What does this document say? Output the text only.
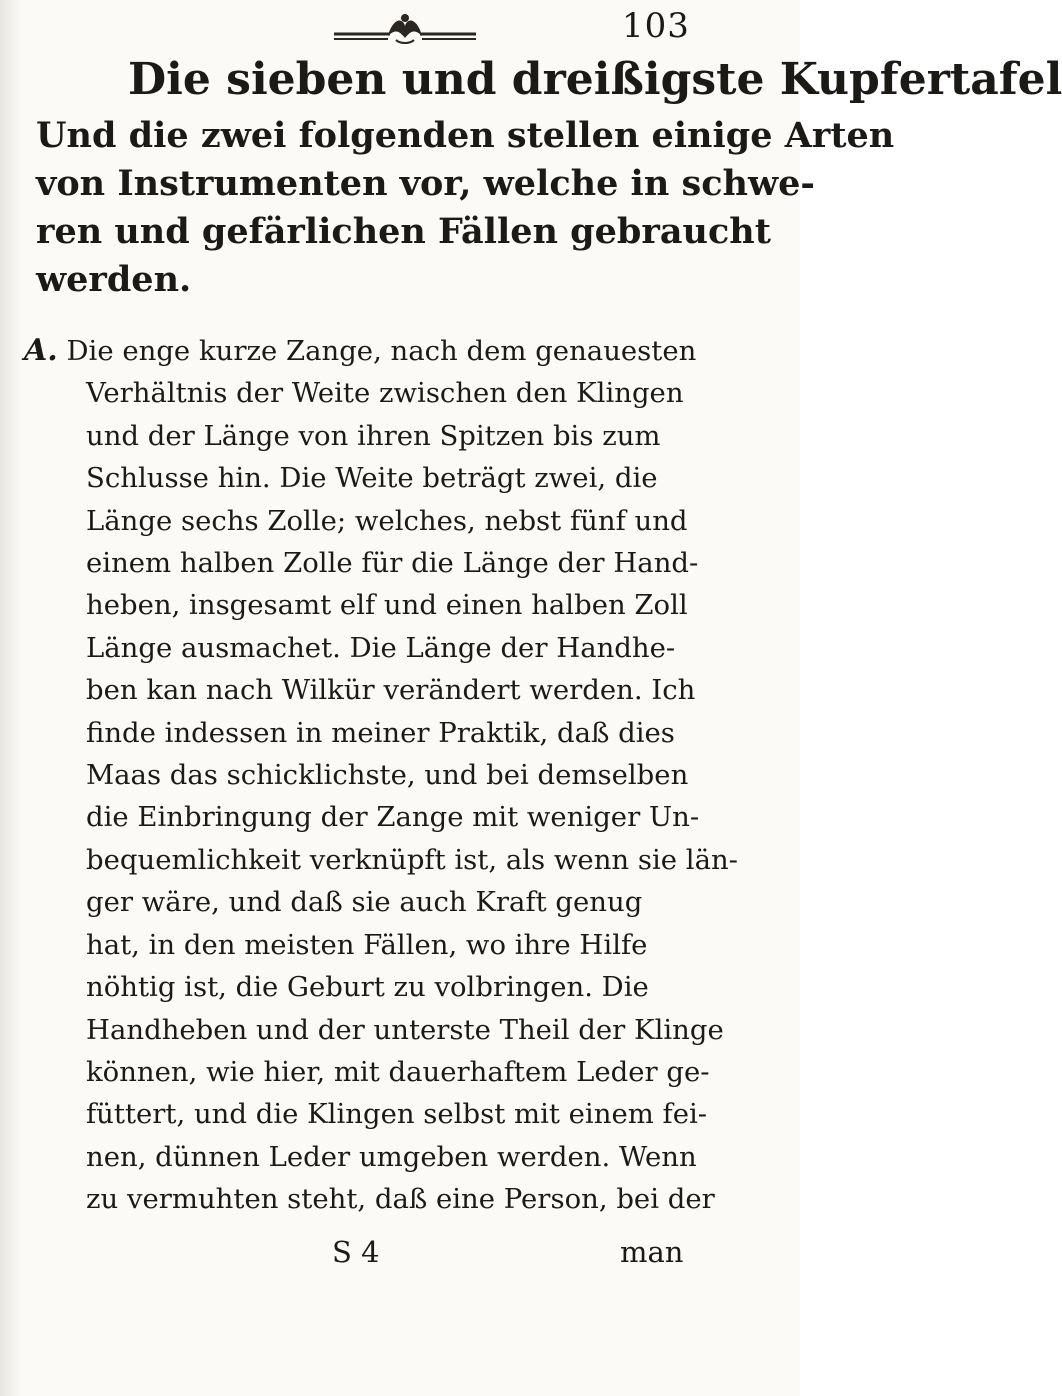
103
Die sieben und dreißigste Kupfertafel
Und die zwei folgenden stellen einige Arten
von Instrumenten vor, welche in schwe-
ren und gefärlichen Fällen gebraucht
werden.
A. Die enge kurze Zange, nach dem genauesten
Verhältnis der Weite zwischen den Klingen
und der Länge von ihren Spitzen bis zum
Schlusse hin. Die Weite beträgt zwei, die
Länge sechs Zolle; welches, nebst fünf und
einem halben Zolle für die Länge der Hand-
heben, insgesamt elf und einen halben Zoll
Länge ausmachet. Die Länge der Handhe-
ben kan nach Wilkür verändert werden. Ich
finde indessen in meiner Praktik, daß dies
Maas das schicklichste, und bei demselben
die Einbringung der Zange mit weniger Un-
bequemlichkeit verknüpft ist, als wenn sie län-
ger wäre, und daß sie auch Kraft genug
hat, in den meisten Fällen, wo ihre Hilfe
nöhtig ist, die Geburt zu volbringen. Die
Handheben und der unterste Theil der Klinge
können, wie hier, mit dauerhaftem Leder ge-
füttert, und die Klingen selbst mit einem fei-
nen, dünnen Leder umgeben werden. Wenn
zu vermuhten steht, daß eine Person, bei der
S 4	man
